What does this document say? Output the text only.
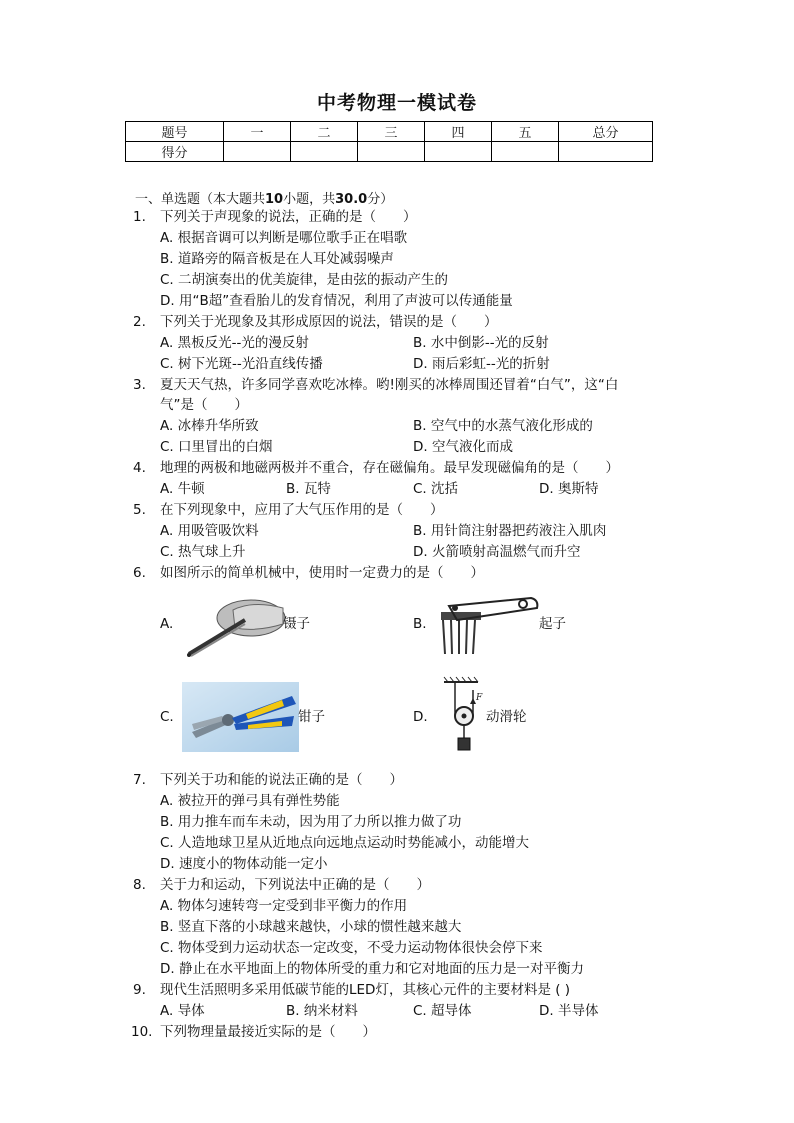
中考物理一模试卷
题号	一	二	三	四	五	总分
得分						
一、单选题（本大题共10小题，共30.0分）
1. 下列关于声现象的说法，正确的是（　　）
A. 根据音调可以判断是哪位歌手正在唱歌
B. 道路旁的隔音板是在人耳处减弱噪声
C. 二胡演奏出的优美旋律，是由弦的振动产生的
D. 用“B超”查看胎儿的发育情况，利用了声波可以传通能量
2. 下列关于光现象及其形成原因的说法，错误的是（　　）
A. 黑板反光--光的漫反射	B. 水中倒影--光的反射
C. 树下光斑--光沿直线传播	D. 雨后彩虹--光的折射
3. 夏天天气热，许多同学喜欢吃冰棒。哟!刚买的冰棒周围还冒着“白气”，这“白
气”是（　　）
A. 冰棒升华所致	B. 空气中的水蒸气液化形成的
C. 口里冒出的白烟	D. 空气液化而成
4. 地理的两极和地磁两极并不重合，存在磁偏角。最早发现磁偏角的是（　　）
A. 牛顿	B. 瓦特	C. 沈括	D. 奥斯特
5. 在下列现象中，应用了大气压作用的是（　　）
A. 用吸管吸饮料	B. 用针筒注射器把药液注入肌肉
C. 热气球上升	D. 火箭喷射高温燃气而升空
6. 如图所示的简单机械中，使用时一定费力的是（　　）
A.	镊子	B.	起子
C.	钳子	D.
F
动滑轮
7. 下列关于功和能的说法正确的是（　　）
A. 被拉开的弹弓具有弹性势能
B. 用力推车而车未动，因为用了力所以推力做了功
C. 人造地球卫星从近地点向远地点运动时势能减小，动能增大
D. 速度小的物体动能一定小
8. 关于力和运动，下列说法中正确的是（　　）
A. 物体匀速转弯一定受到非平衡力的作用
B. 竖直下落的小球越来越快，小球的惯性越来越大
C. 物体受到力运动状态一定改变，不受力运动物体很快会停下来
D. 静止在水平地面上的物体所受的重力和它对地面的压力是一对平衡力
9. 现代生活照明多采用低碳节能的LED灯，其核心元件的主要材料是 ( )
A. 导体	B. 纳米材料	C. 超导体	D. 半导体
10. 下列物理量最接近实际的是（　　）
